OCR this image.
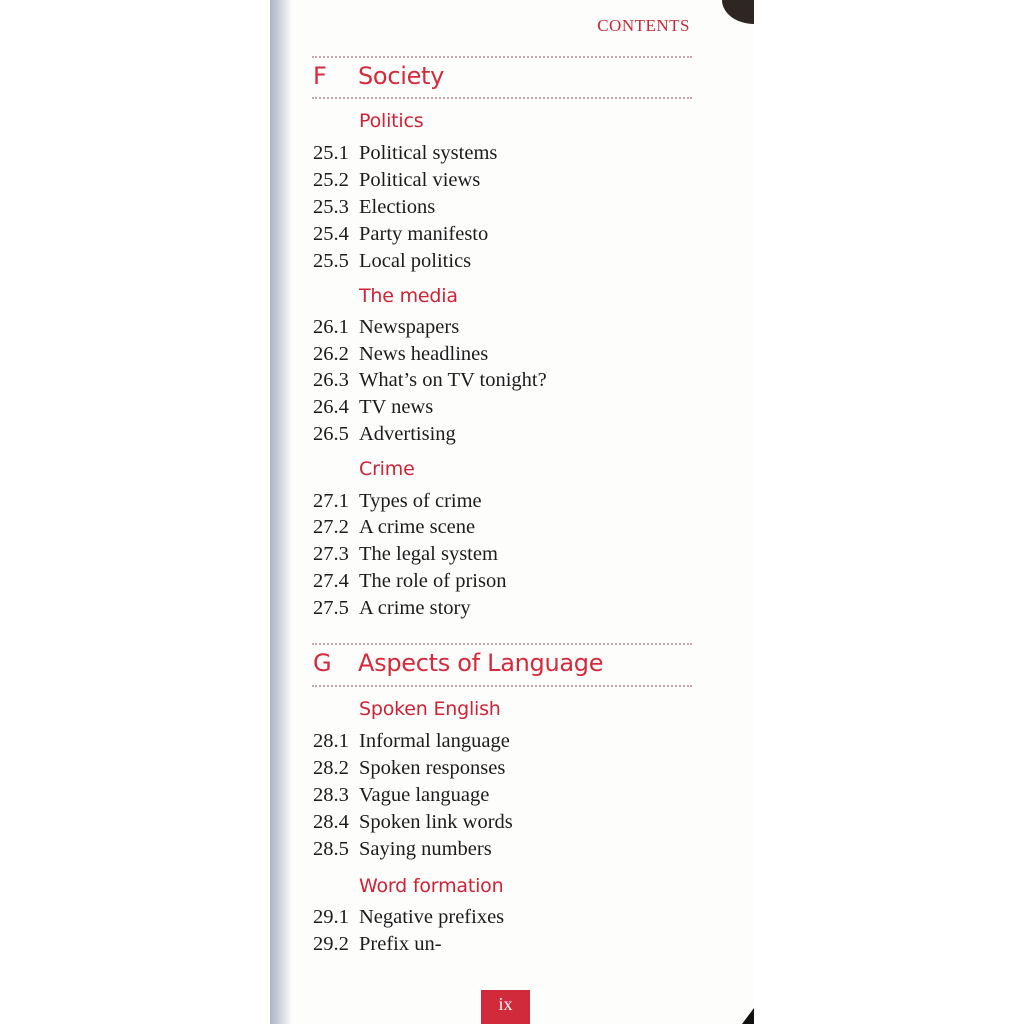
CONTENTS
F Society
Politics
25.1 Political systems
25.2 Political views
25.3 Elections
25.4 Party manifesto
25.5 Local politics
The media
26.1 Newspapers
26.2 News headlines
26.3 What’s on TV tonight?
26.4 TV news
26.5 Advertising
Crime
27.1 Types of crime
27.2 A crime scene
27.3 The legal system
27.4 The role of prison
27.5 A crime story
G Aspects of Language
Spoken English
28.1 Informal language
28.2 Spoken responses
28.3 Vague language
28.4 Spoken link words
28.5 Saying numbers
Word formation
29.1 Negative prefixes
29.2 Prefix un-
ix
